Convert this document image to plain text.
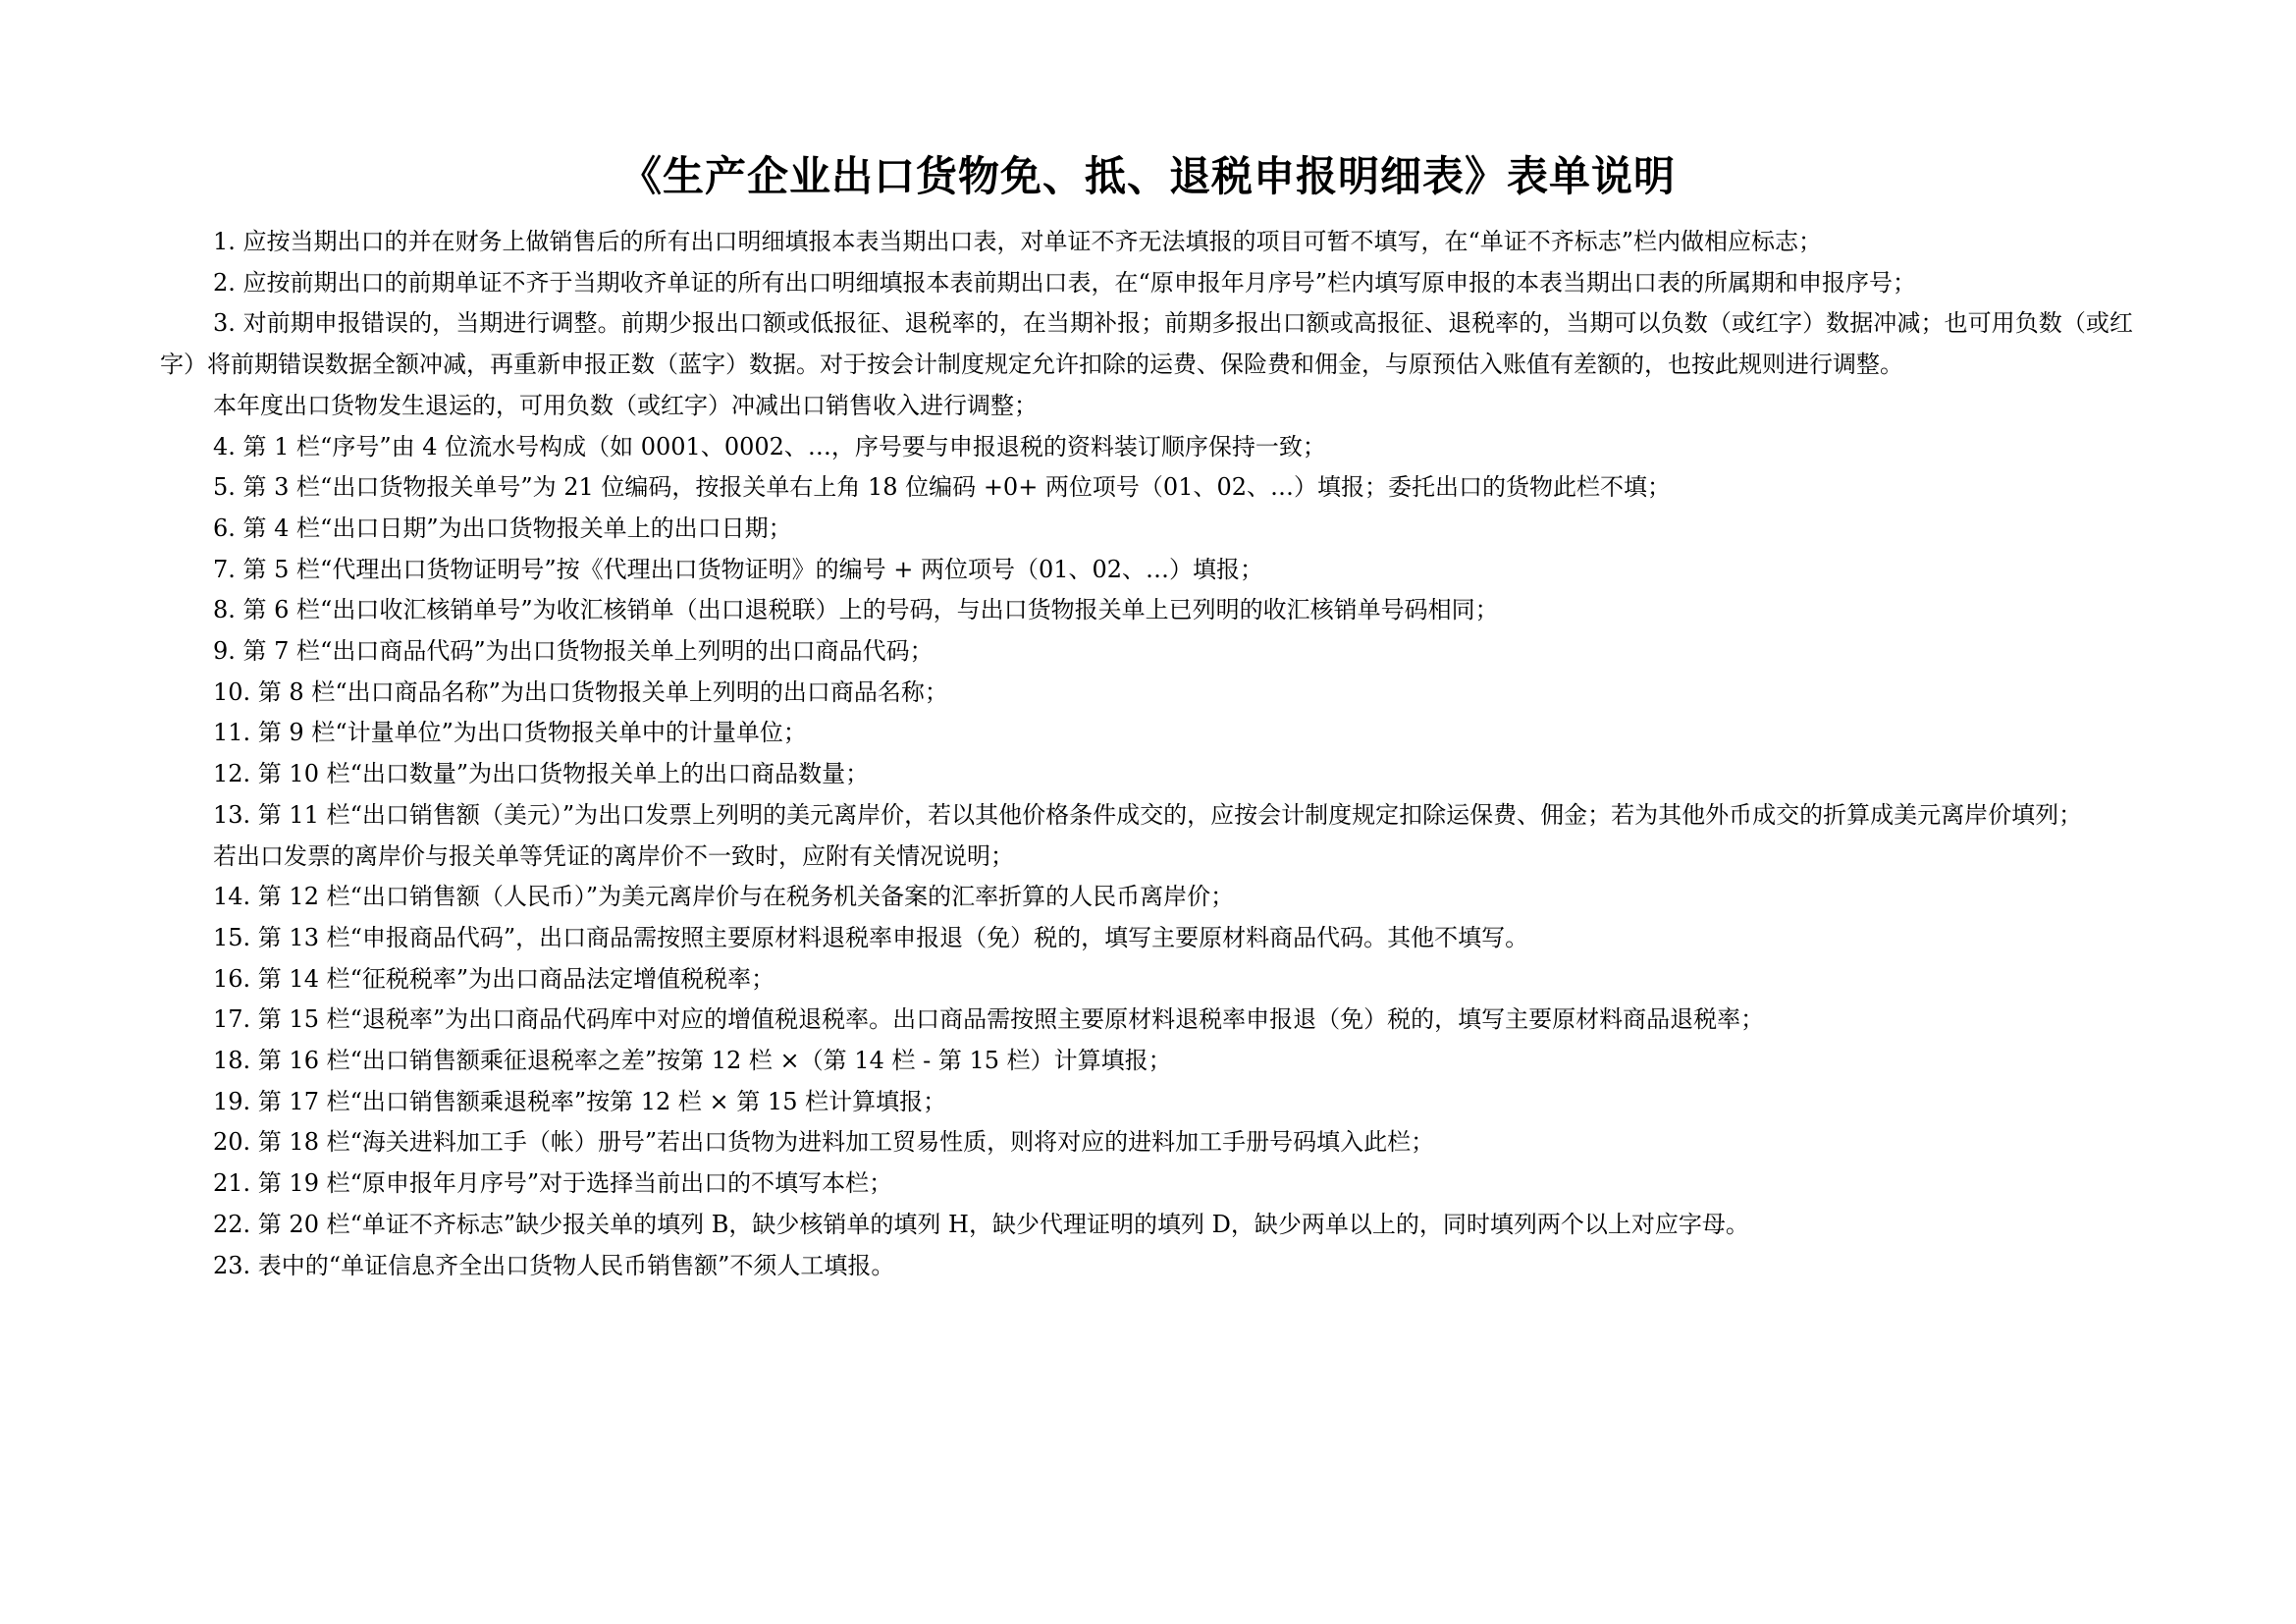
《生产企业出口货物免、抵、退税申报明细表》表单说明

1. 应按当期出口的并在财务上做销售后的所有出口明细填报本表当期出口表，对单证不齐无法填报的项目可暂不填写，在“单证不齐标志”栏内做相应标志；

2. 应按前期出口的前期单证不齐于当期收齐单证的所有出口明细填报本表前期出口表，在“原申报年月序号”栏内填写原申报的本表当期出口表的所属期和申报序号；

3. 对前期申报错误的，当期进行调整。前期少报出口额或低报征、退税率的，在当期补报；前期多报出口额或高报征、退税率的，当期可以负数（或红字）数据冲减；也可用负数（或红字）将前期错误数据全额冲减，再重新申报正数（蓝字）数据。对于按会计制度规定允许扣除的运费、保险费和佣金，与原预估入账值有差额的，也按此规则进行调整。

本年度出口货物发生退运的，可用负数（或红字）冲减出口销售收入进行调整；

4. 第 1 栏“序号”由 4 位流水号构成（如 0001、0002、…，序号要与申报退税的资料装订顺序保持一致；

5. 第 3 栏“出口货物报关单号”为 21 位编码，按报关单右上角 18 位编码 +0+ 两位项号（01、02、…）填报；委托出口的货物此栏不填；

6. 第 4 栏“出口日期”为出口货物报关单上的出口日期；

7. 第 5 栏“代理出口货物证明号”按《代理出口货物证明》的编号 + 两位项号（01、02、…）填报；

8. 第 6 栏“出口收汇核销单号”为收汇核销单（出口退税联）上的号码，与出口货物报关单上已列明的收汇核销单号码相同；

9. 第 7 栏“出口商品代码”为出口货物报关单上列明的出口商品代码；

10. 第 8 栏“出口商品名称”为出口货物报关单上列明的出口商品名称；

11. 第 9 栏“计量单位”为出口货物报关单中的计量单位；

12. 第 10 栏“出口数量”为出口货物报关单上的出口商品数量；

13. 第 11 栏“出口销售额（美元）”为出口发票上列明的美元离岸价，若以其他价格条件成交的，应按会计制度规定扣除运保费、佣金；若为其他外币成交的折算成美元离岸价填列；

若出口发票的离岸价与报关单等凭证的离岸价不一致时，应附有关情况说明；

14. 第 12 栏“出口销售额（人民币）”为美元离岸价与在税务机关备案的汇率折算的人民币离岸价；

15. 第 13 栏“申报商品代码”，出口商品需按照主要原材料退税率申报退（免）税的，填写主要原材料商品代码。其他不填写。

16. 第 14 栏“征税税率”为出口商品法定增值税税率；

17. 第 15 栏“退税率”为出口商品代码库中对应的增值税退税率。出口商品需按照主要原材料退税率申报退（免）税的，填写主要原材料商品退税率；

18. 第 16 栏“出口销售额乘征退税率之差”按第 12 栏 ×（第 14 栏 - 第 15 栏）计算填报；

19. 第 17 栏“出口销售额乘退税率”按第 12 栏 × 第 15 栏计算填报；

20. 第 18 栏“海关进料加工手（帐）册号”若出口货物为进料加工贸易性质，则将对应的进料加工手册号码填入此栏；

21. 第 19 栏“原申报年月序号”对于选择当前出口的不填写本栏；

22. 第 20 栏“单证不齐标志”缺少报关单的填列 B，缺少核销单的填列 H，缺少代理证明的填列 D，缺少两单以上的，同时填列两个以上对应字母。

23. 表中的“单证信息齐全出口货物人民币销售额”不须人工填报。
